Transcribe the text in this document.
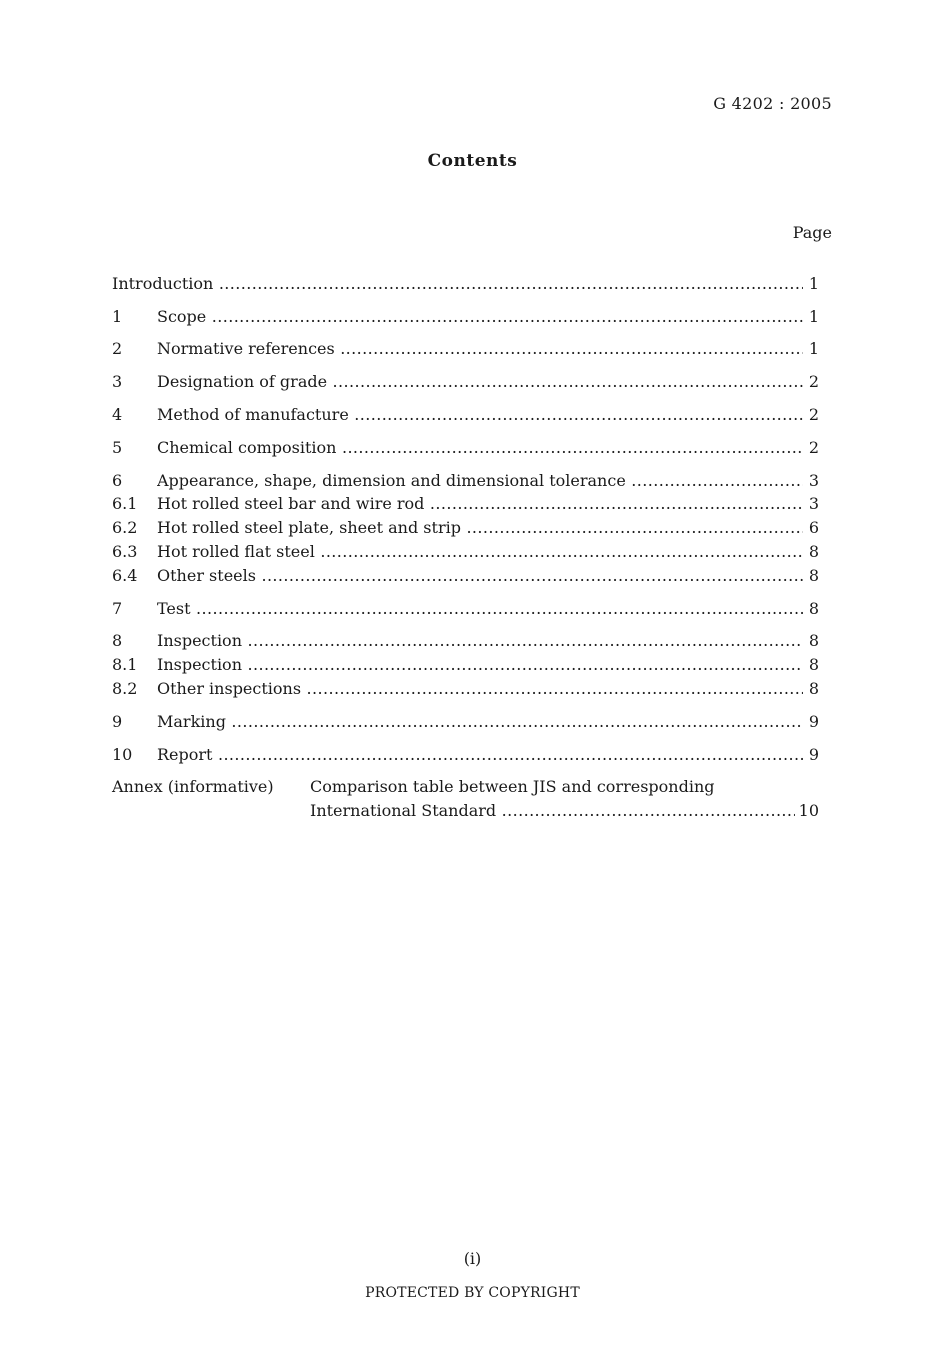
G 4202 : 2005
Contents
Page
Introduction .....	1
1 Scope .....	1
2 Normative references .....	1
3 Designation of grade .....	2
4 Method of manufacture .....	2
5 Chemical composition .....	2
6 Appearance, shape, dimension and dimensional tolerance .....	3
6.1 Hot rolled steel bar and wire rod .....	3
6.2 Hot rolled steel plate, sheet and strip .....	6
6.3 Hot rolled flat steel .....	8
6.4 Other steels .....	8
7 Test .....	8
8 Inspection .....	8
8.1 Inspection .....	8
8.2 Other inspections .....	8
9 Marking .....	9
10 Report .....	9
Annex (informative) Comparison table between JIS and corresponding
International Standard .....	10
(i)
PROTECTED BY COPYRIGHT
